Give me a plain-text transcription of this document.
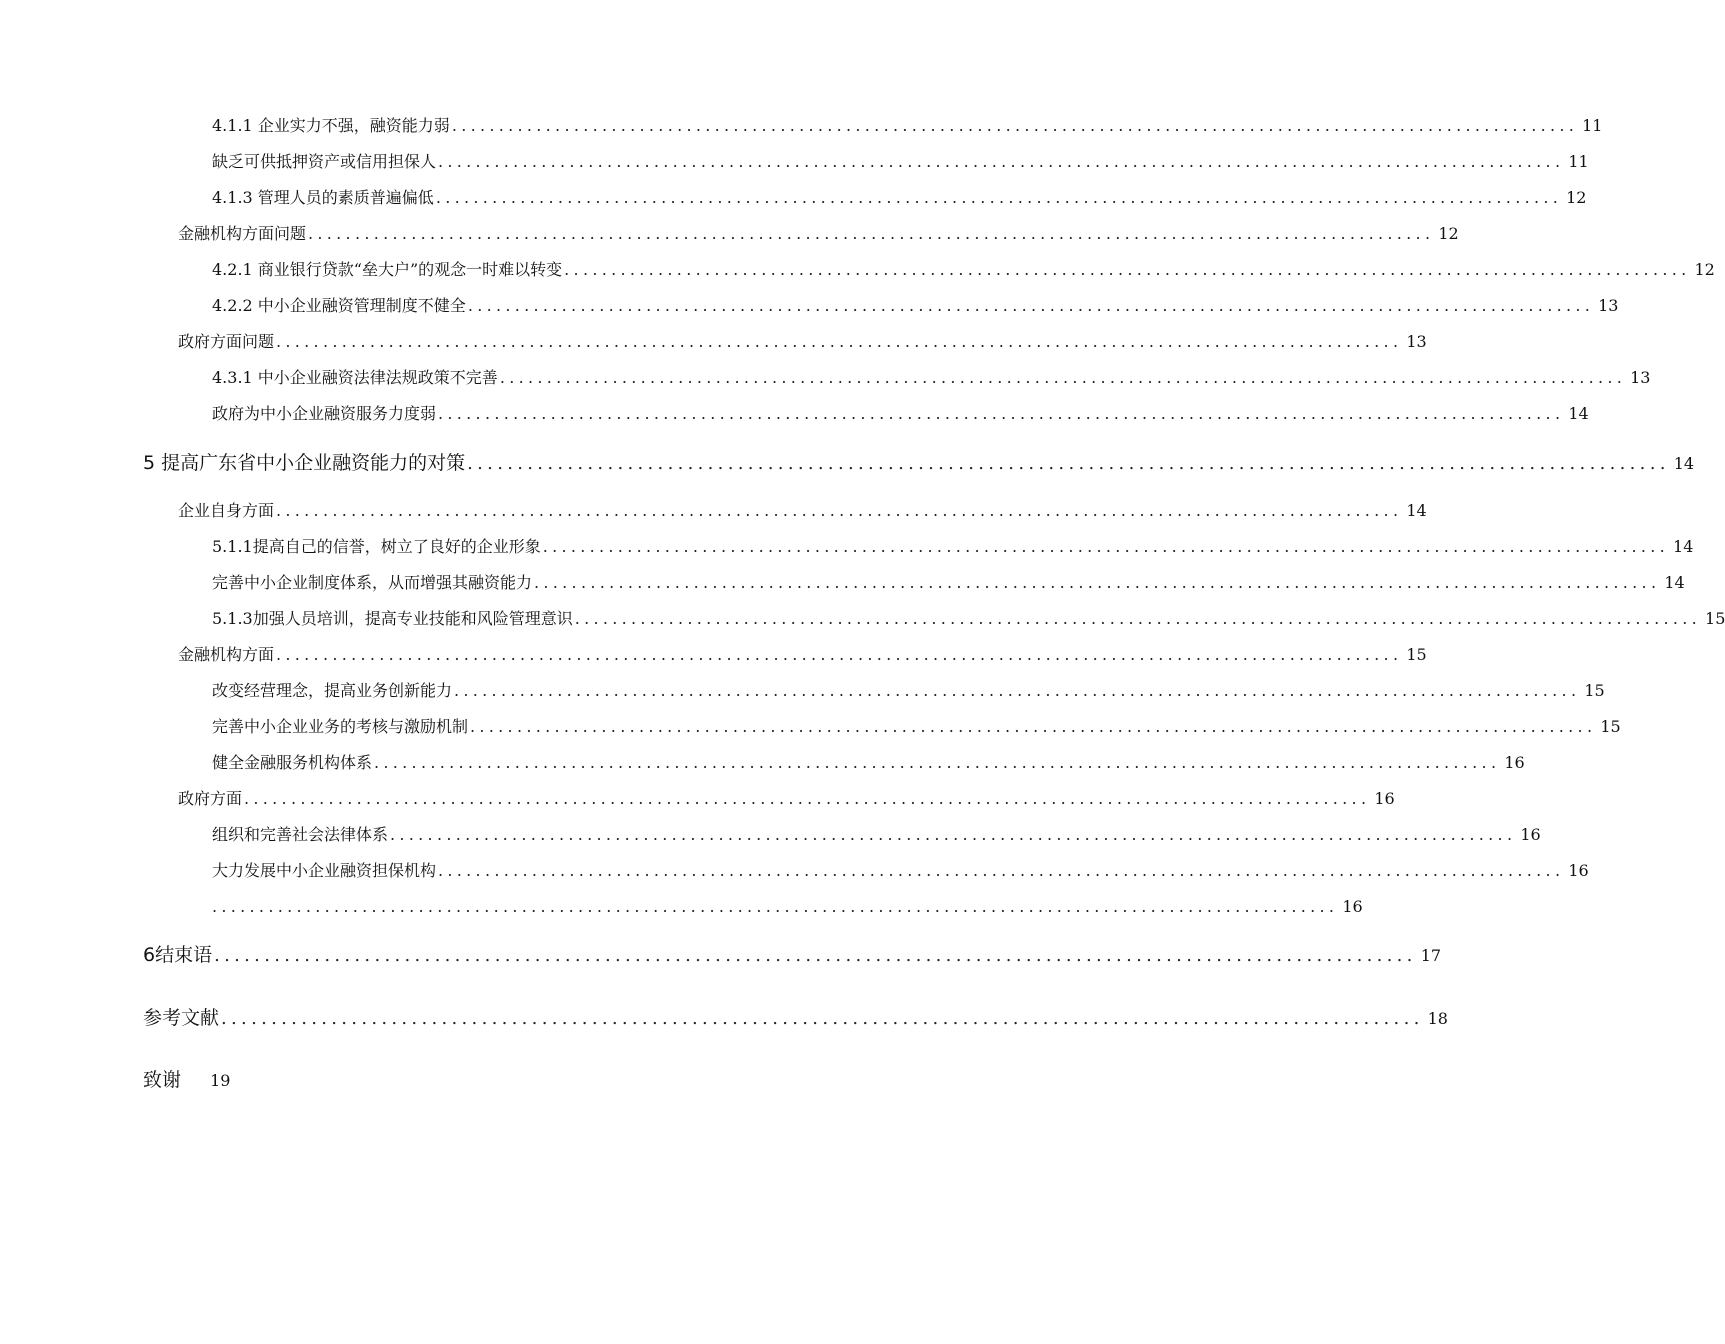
4.1.1 企业实力不强，融资能力弱 ........................................................................................................................ 11
缺乏可供抵押资产或信用担保人 ........................................................................................................................ 11
4.1.3 管理人员的素质普遍偏低 ........................................................................................................................ 12
金融机构方面问题 ........................................................................................................................ 12
4.2.1 商业银行贷款“垒大户”的观念一时难以转变 ........................................................................................................................ 12
4.2.2 中小企业融资管理制度不健全 ........................................................................................................................ 13
政府方面问题 ........................................................................................................................ 13
4.3.1 中小企业融资法律法规政策不完善 ........................................................................................................................ 13
政府为中小企业融资服务力度弱 ........................................................................................................................ 14
5 提高广东省中小企业融资能力的对策 ........................................................................................................................ 14
企业自身方面 ........................................................................................................................ 14
5.1.1提高自己的信誉，树立了良好的企业形象 ........................................................................................................................ 14
完善中小企业制度体系，从而增强其融资能力 ........................................................................................................................ 14
5.1.3加强人员培训，提高专业技能和风险管理意识 ........................................................................................................................ 15
金融机构方面 ........................................................................................................................ 15
改变经营理念，提高业务创新能力 ........................................................................................................................ 15
完善中小企业业务的考核与激励机制 ........................................................................................................................ 15
健全金融服务机构体系 ........................................................................................................................ 16
政府方面 ........................................................................................................................ 16
组织和完善社会法律体系 ........................................................................................................................ 16
大力发展中小企业融资担保机构 ........................................................................................................................ 16
........................................................................................................................ 16
6结束语 ........................................................................................................................ 17
参考文献 ........................................................................................................................ 18
致谢 19
